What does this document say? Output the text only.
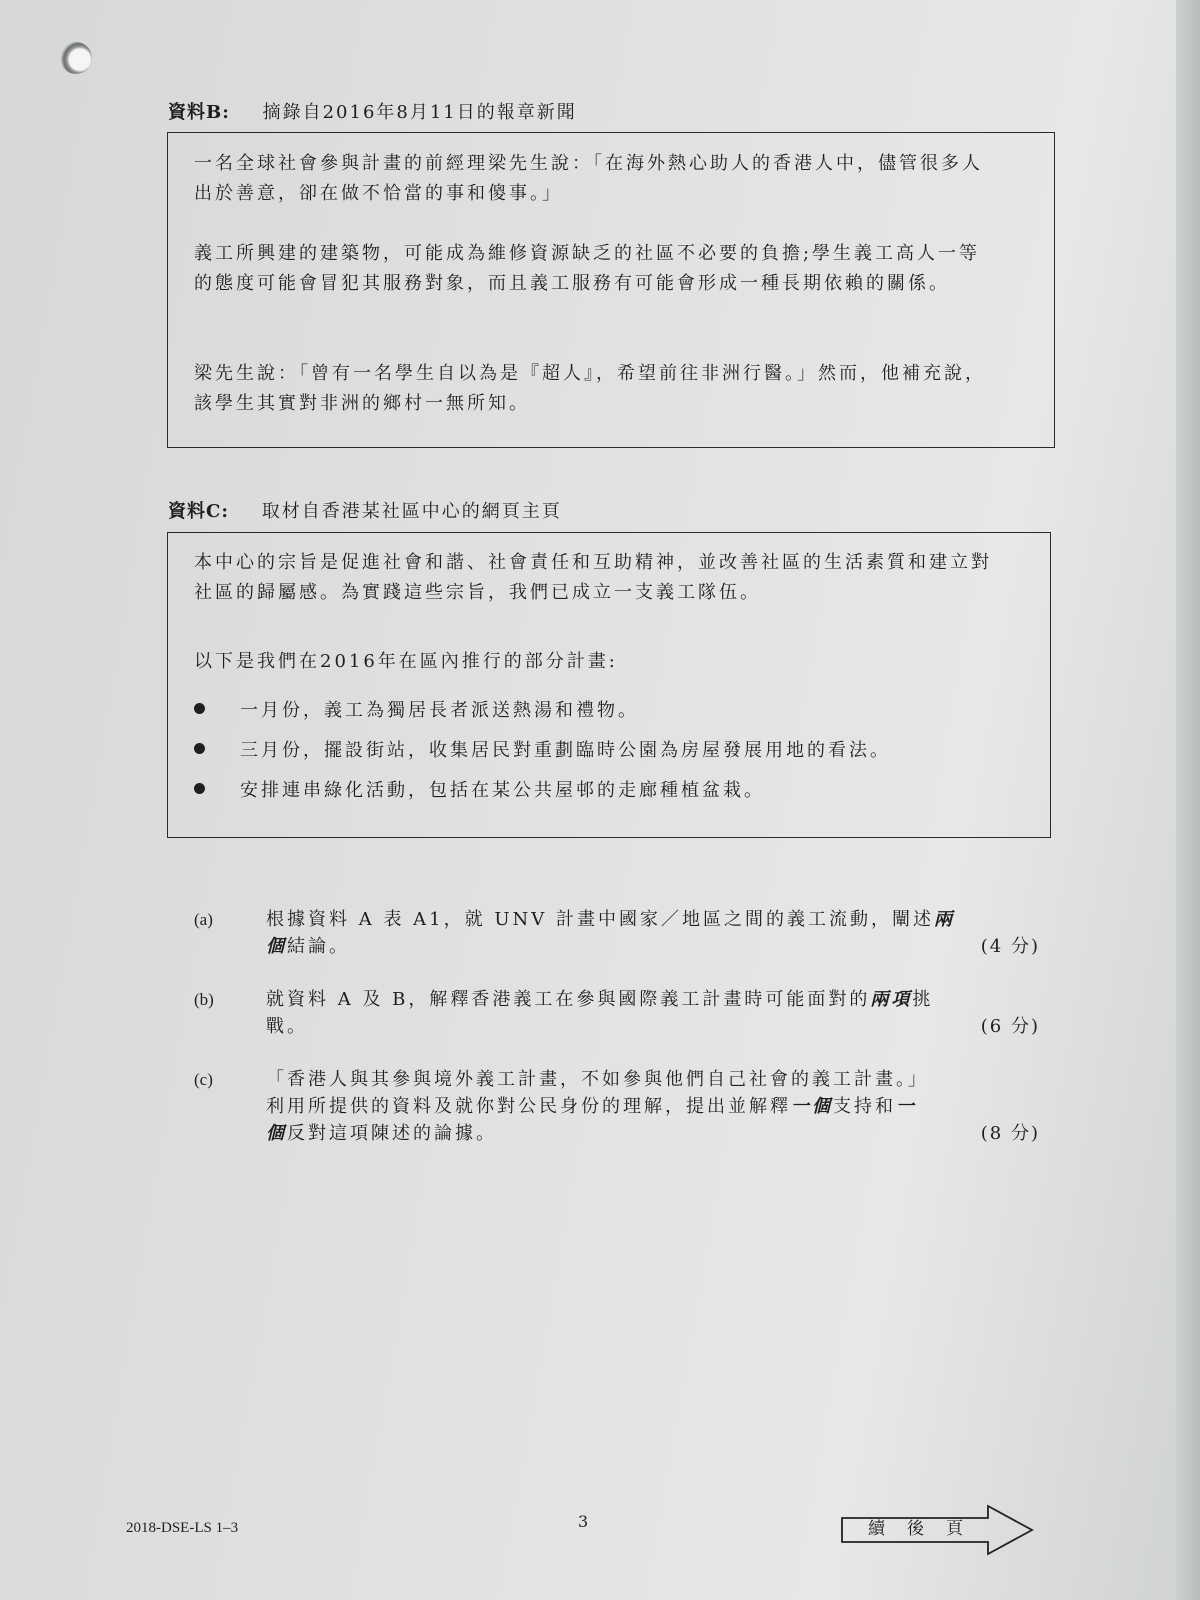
資料B: 摘錄自2016年8月11日的報章新聞

一名全球社會參與計畫的前經理梁先生說：「在海外熱心助人的香港人中，儘管很多人出於善意，卻在做不恰當的事和傻事。」

義工所興建的建築物，可能成為維修資源缺乏的社區不必要的負擔;學生義工高人一等的態度可能會冒犯其服務對象，而且義工服務有可能會形成一種長期依賴的關係。

梁先生說：「曾有一名學生自以為是『超人』，希望前往非洲行醫。」然而，他補充說，該學生其實對非洲的鄉村一無所知。

資料C: 取材自香港某社區中心的網頁主頁

本中心的宗旨是促進社會和諧、社會責任和互助精神，並改善社區的生活素質和建立對社區的歸屬感。為實踐這些宗旨，我們已成立一支義工隊伍。

以下是我們在2016年在區內推行的部分計畫:

一月份，義工為獨居長者派送熱湯和禮物。
三月份，擺設街站，收集居民對重劃臨時公園為房屋發展用地的看法。
安排連串綠化活動，包括在某公共屋邨的走廊種植盆栽。
(a)	根據資料 A 表 A1，就 UNV 計畫中國家／地區之間的義工流動，闡述兩
個結論。	(4 分)
(b)	就資料 A 及 B，解釋香港義工在參與國際義工計畫時可能面對的兩項挑
戰。	(6 分)
(c)	「香港人與其參與境外義工計畫，不如參與他們自己社會的義工計畫。」
利用所提供的資料及就你對公民身份的理解，提出並解釋一個支持和一
個反對這項陳述的論據。	(8 分)
2018-DSE-LS 1–3	3	續後頁
